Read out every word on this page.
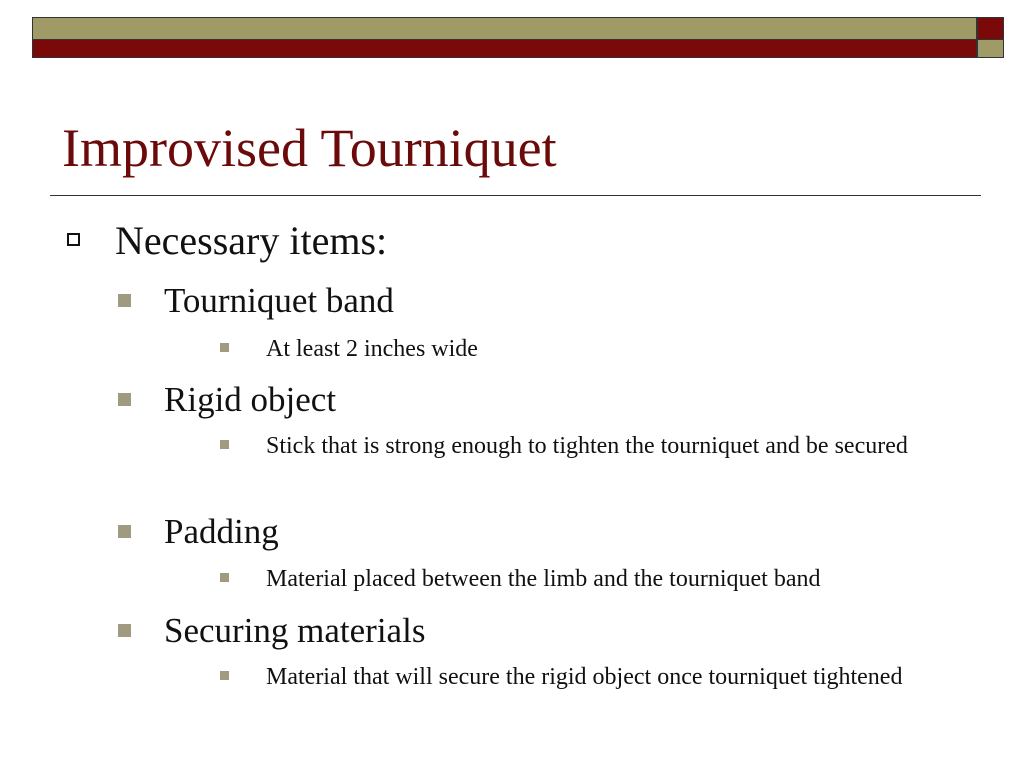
Improvised Tourniquet
Necessary items:
Tourniquet band
At least 2 inches wide
Rigid object
Stick that is strong enough to tighten the tourniquet and be secured
Padding
Material placed between the limb and the tourniquet band
Securing materials
Material that will secure the rigid object once tourniquet tightened
